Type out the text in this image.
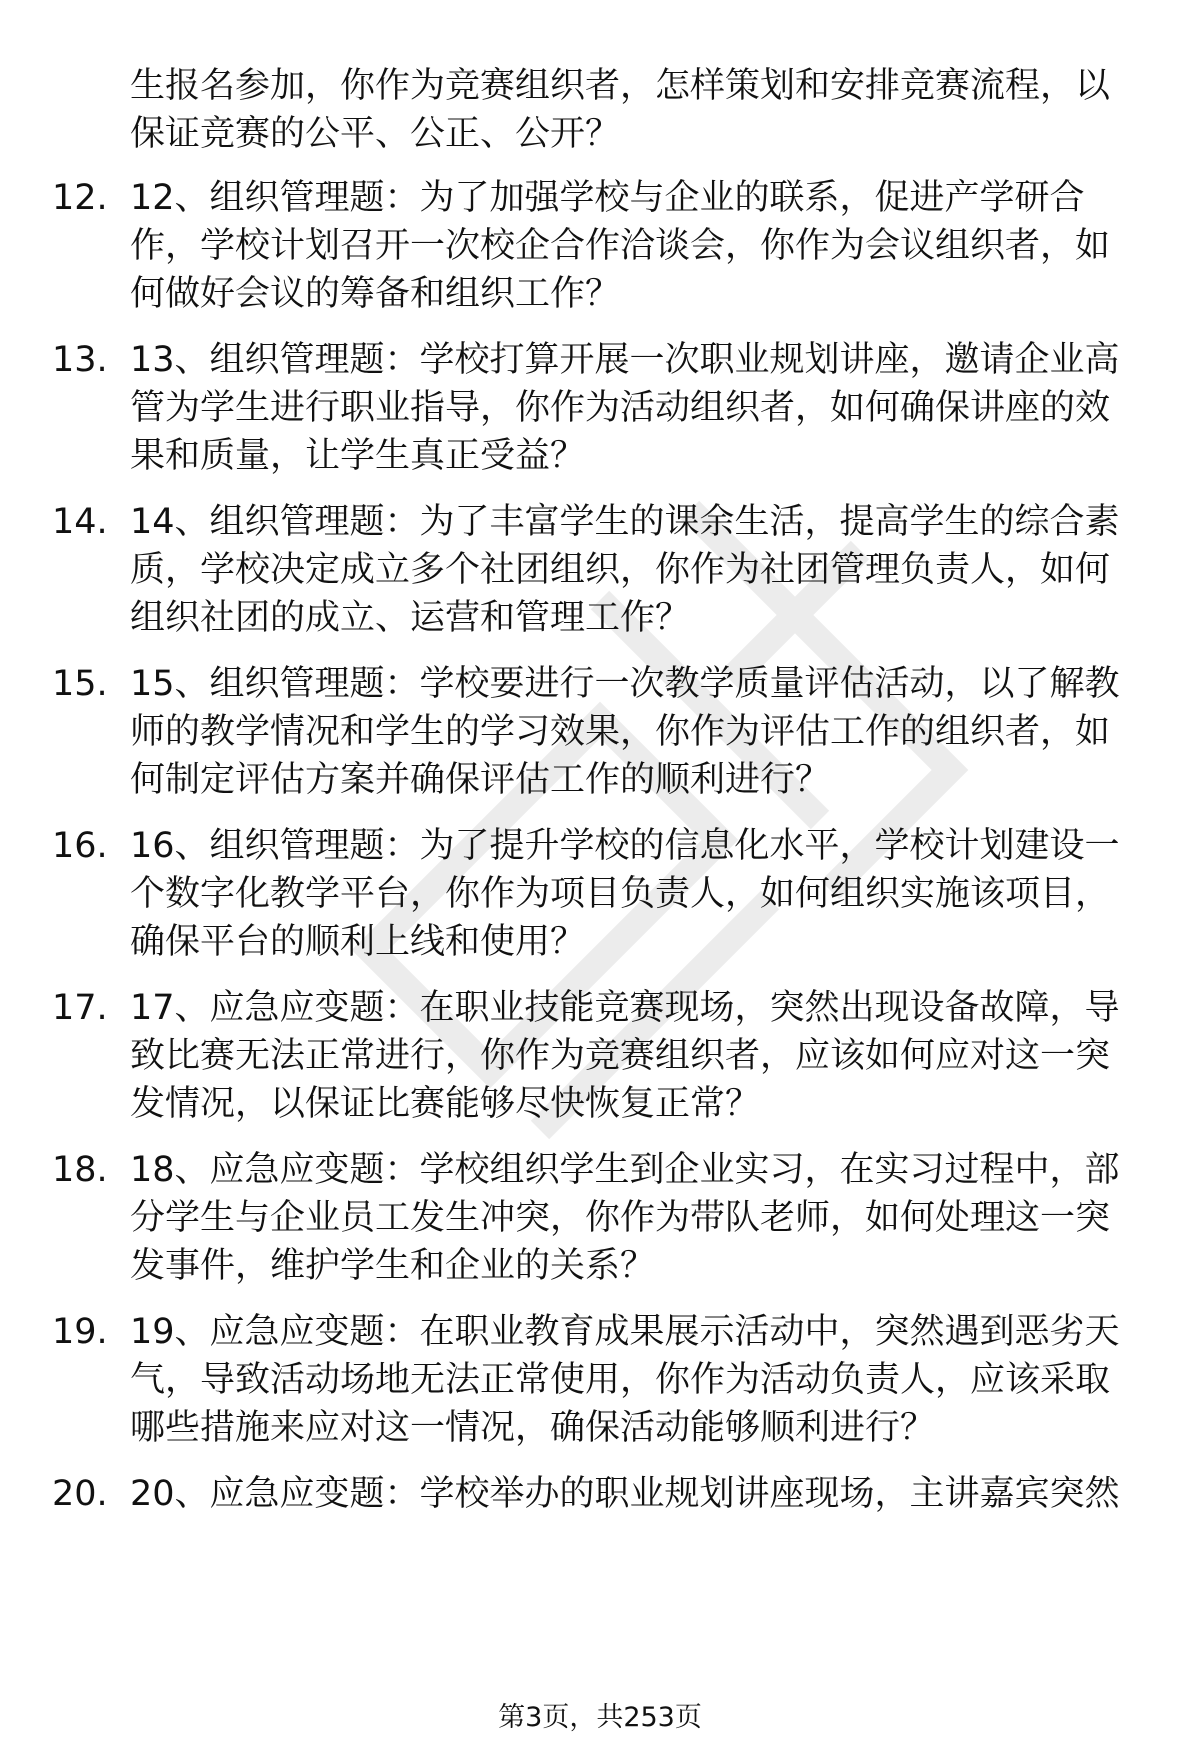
生报名参加，你作为竞赛组织者，怎样策划和安排竞赛流程，以
保证竞赛的公平、公正、公开？
12. 12、组织管理题：为了加强学校与企业的联系，促进产学研合
作，学校计划召开一次校企合作洽谈会，你作为会议组织者，如
何做好会议的筹备和组织工作？
13. 13、组织管理题：学校打算开展一次职业规划讲座，邀请企业高
管为学生进行职业指导，你作为活动组织者，如何确保讲座的效
果和质量，让学生真正受益？
14. 14、组织管理题：为了丰富学生的课余生活，提高学生的综合素
质，学校决定成立多个社团组织，你作为社团管理负责人，如何
组织社团的成立、运营和管理工作？
15. 15、组织管理题：学校要进行一次教学质量评估活动，以了解教
师的教学情况和学生的学习效果，你作为评估工作的组织者，如
何制定评估方案并确保评估工作的顺利进行？
16. 16、组织管理题：为了提升学校的信息化水平，学校计划建设一
个数字化教学平台，你作为项目负责人，如何组织实施该项目，
确保平台的顺利上线和使用？
17. 17、应急应变题：在职业技能竞赛现场，突然出现设备故障，导
致比赛无法正常进行，你作为竞赛组织者，应该如何应对这一突
发情况，以保证比赛能够尽快恢复正常？
18. 18、应急应变题：学校组织学生到企业实习，在实习过程中，部
分学生与企业员工发生冲突，你作为带队老师，如何处理这一突
发事件，维护学生和企业的关系？
19. 19、应急应变题：在职业教育成果展示活动中，突然遇到恶劣天
气，导致活动场地无法正常使用，你作为活动负责人，应该采取
哪些措施来应对这一情况，确保活动能够顺利进行？
20. 20、应急应变题：学校举办的职业规划讲座现场，主讲嘉宾突然
第3页，共253页
